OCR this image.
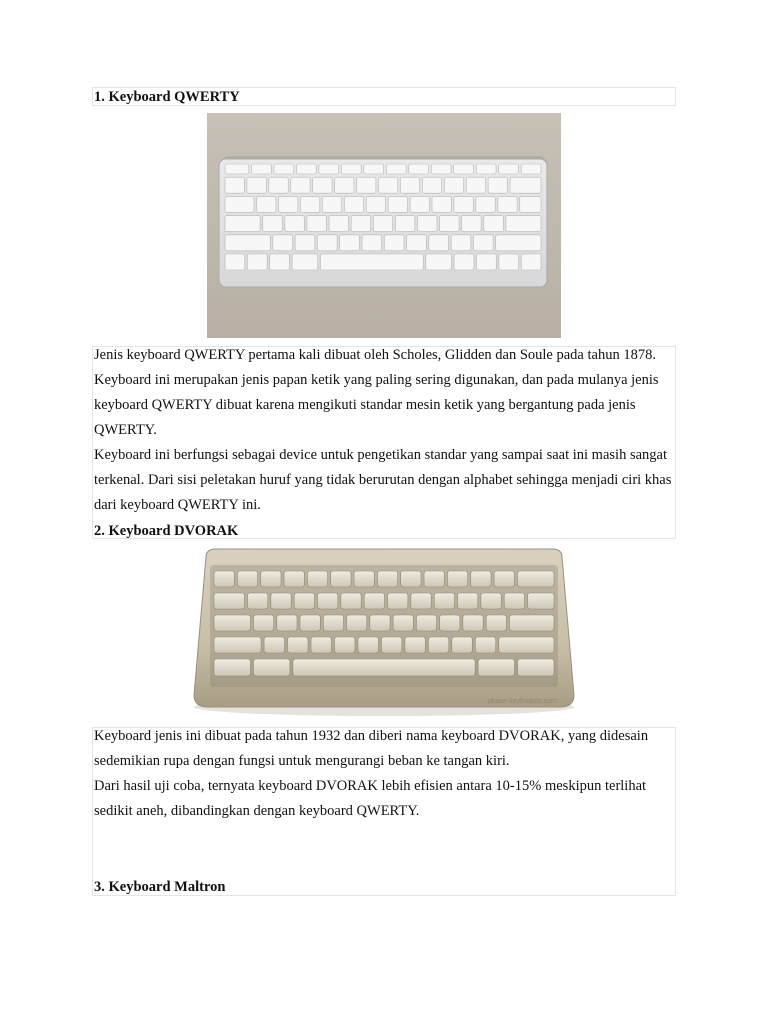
1. Keyboard QWERTY

Jenis keyboard QWERTY pertama kali dibuat oleh Scholes, Glidden dan Soule pada tahun 1878. Keyboard ini merupakan jenis papan ketik yang paling sering digunakan, dan pada mulanya jenis keyboard QWERTY dibuat karena mengikuti standar mesin ketik yang bergantung pada jenis QWERTY.

Keyboard ini berfungsi sebagai device untuk pengetikan standar yang sampai saat ini masih sangat terkenal. Dari sisi peletakan huruf yang tidak berurutan dengan alphabet sehingga menjadi ciri khas dari keyboard QWERTY ini.

2. Keyboard DVORAK
pbase-keyboards.com

Keyboard jenis ini dibuat pada tahun 1932 dan diberi nama keyboard DVORAK, yang didesain sedemikian rupa dengan fungsi untuk mengurangi beban ke tangan kiri.

Dari hasil uji coba, ternyata keyboard DVORAK lebih efisien antara 10-15% meskipun terlihat sedikit aneh, dibandingkan dengan keyboard QWERTY.

3. Keyboard Maltron
